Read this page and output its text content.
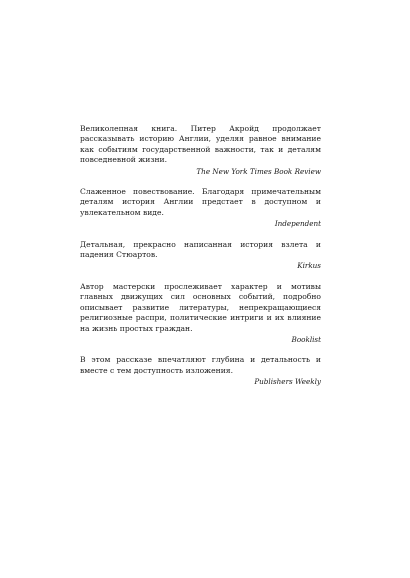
Великолепная книга. Питер Акройд продолжает рассказывать историю Англии, уделяя равное внимание как событиям государственной важности, так и деталям повседневной жизни.

The New York Times Book Review

Слаженное повествование. Благодаря примечательным деталям история Англии предстает в доступном и увлекательном виде.

Independent

Детальная, прекрасно написанная история взлета и падения Стюартов.

Kirkus

Автор мастерски прослеживает характер и мотивы главных движущих сил основных событий, подробно описывает развитие литературы, непрекращающиеся религиозные распри, политические интриги и их влияние на жизнь простых граждан.

Booklist

В этом рассказе впечатляют глубина и детальность и вместе с тем доступность изложения.

Publishers Weekly
